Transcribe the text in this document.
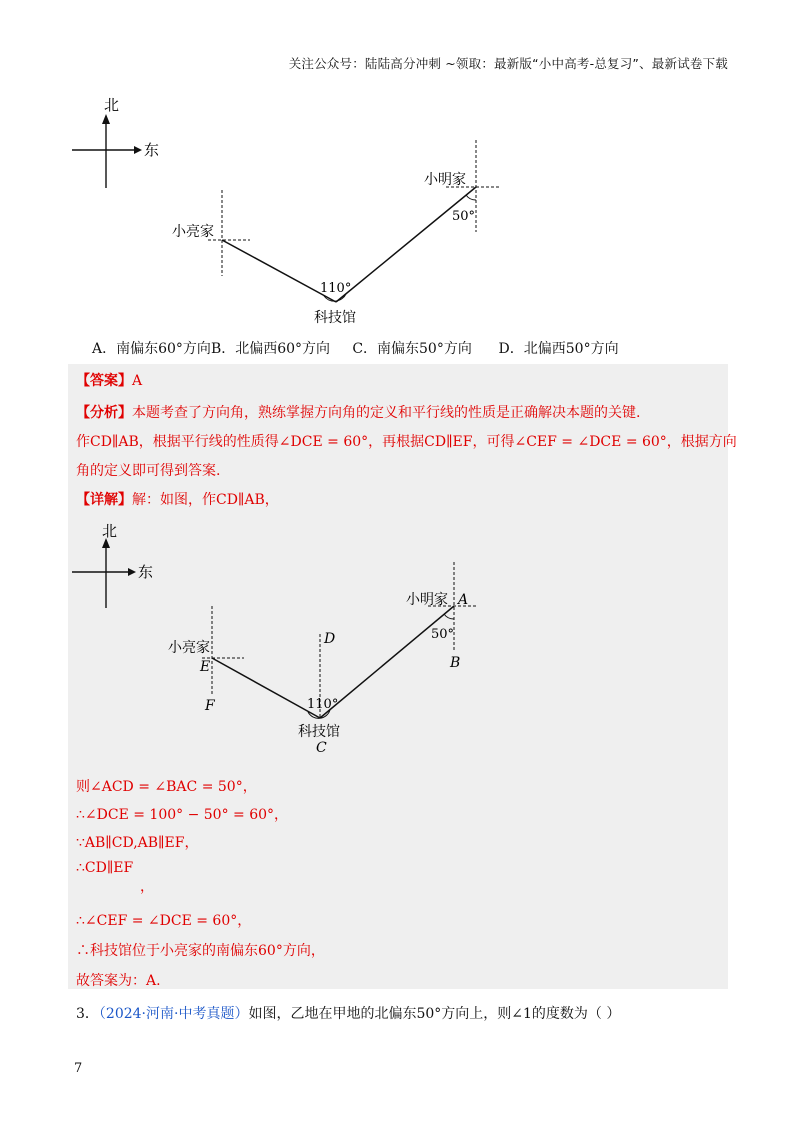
关注公众号：陆陆高分冲刺 ~领取：最新版“小中高考-总复习”、最新试卷下载
北
东
小明家
50°
小亮家
110°
科技馆
A．南偏东60°方向B．北偏西60°方向 C．南偏东50°方向 D．北偏西50°方向
【答案】A
【分析】本题考查了方向角，熟练掌握方向角的定义和平行线的性质是正确解决本题的关键.
作CD∥AB，根据平行线的性质得∠DCE = 60°，再根据CD∥EF，可得∠CEF = ∠DCE = 60°，根据方向
角的定义即可得到答案.
【详解】解：如图，作CD∥AB，
北
东
小明家 A
50°
B
D
小亮家
E
F	110°
科技馆
C
则∠ACD = ∠BAC = 50°，
∴∠DCE = 100° − 50° = 60°，
∵AB∥CD,AB∥EF，
∴CD∥EF
，
∴∠CEF = ∠DCE = 60°，
∴科技馆位于小亮家的南偏东60°方向，
故答案为：A.
3．（2024·河南·中考真题）如图，乙地在甲地的北偏东50°方向上，则∠1的度数为（ ）
7
